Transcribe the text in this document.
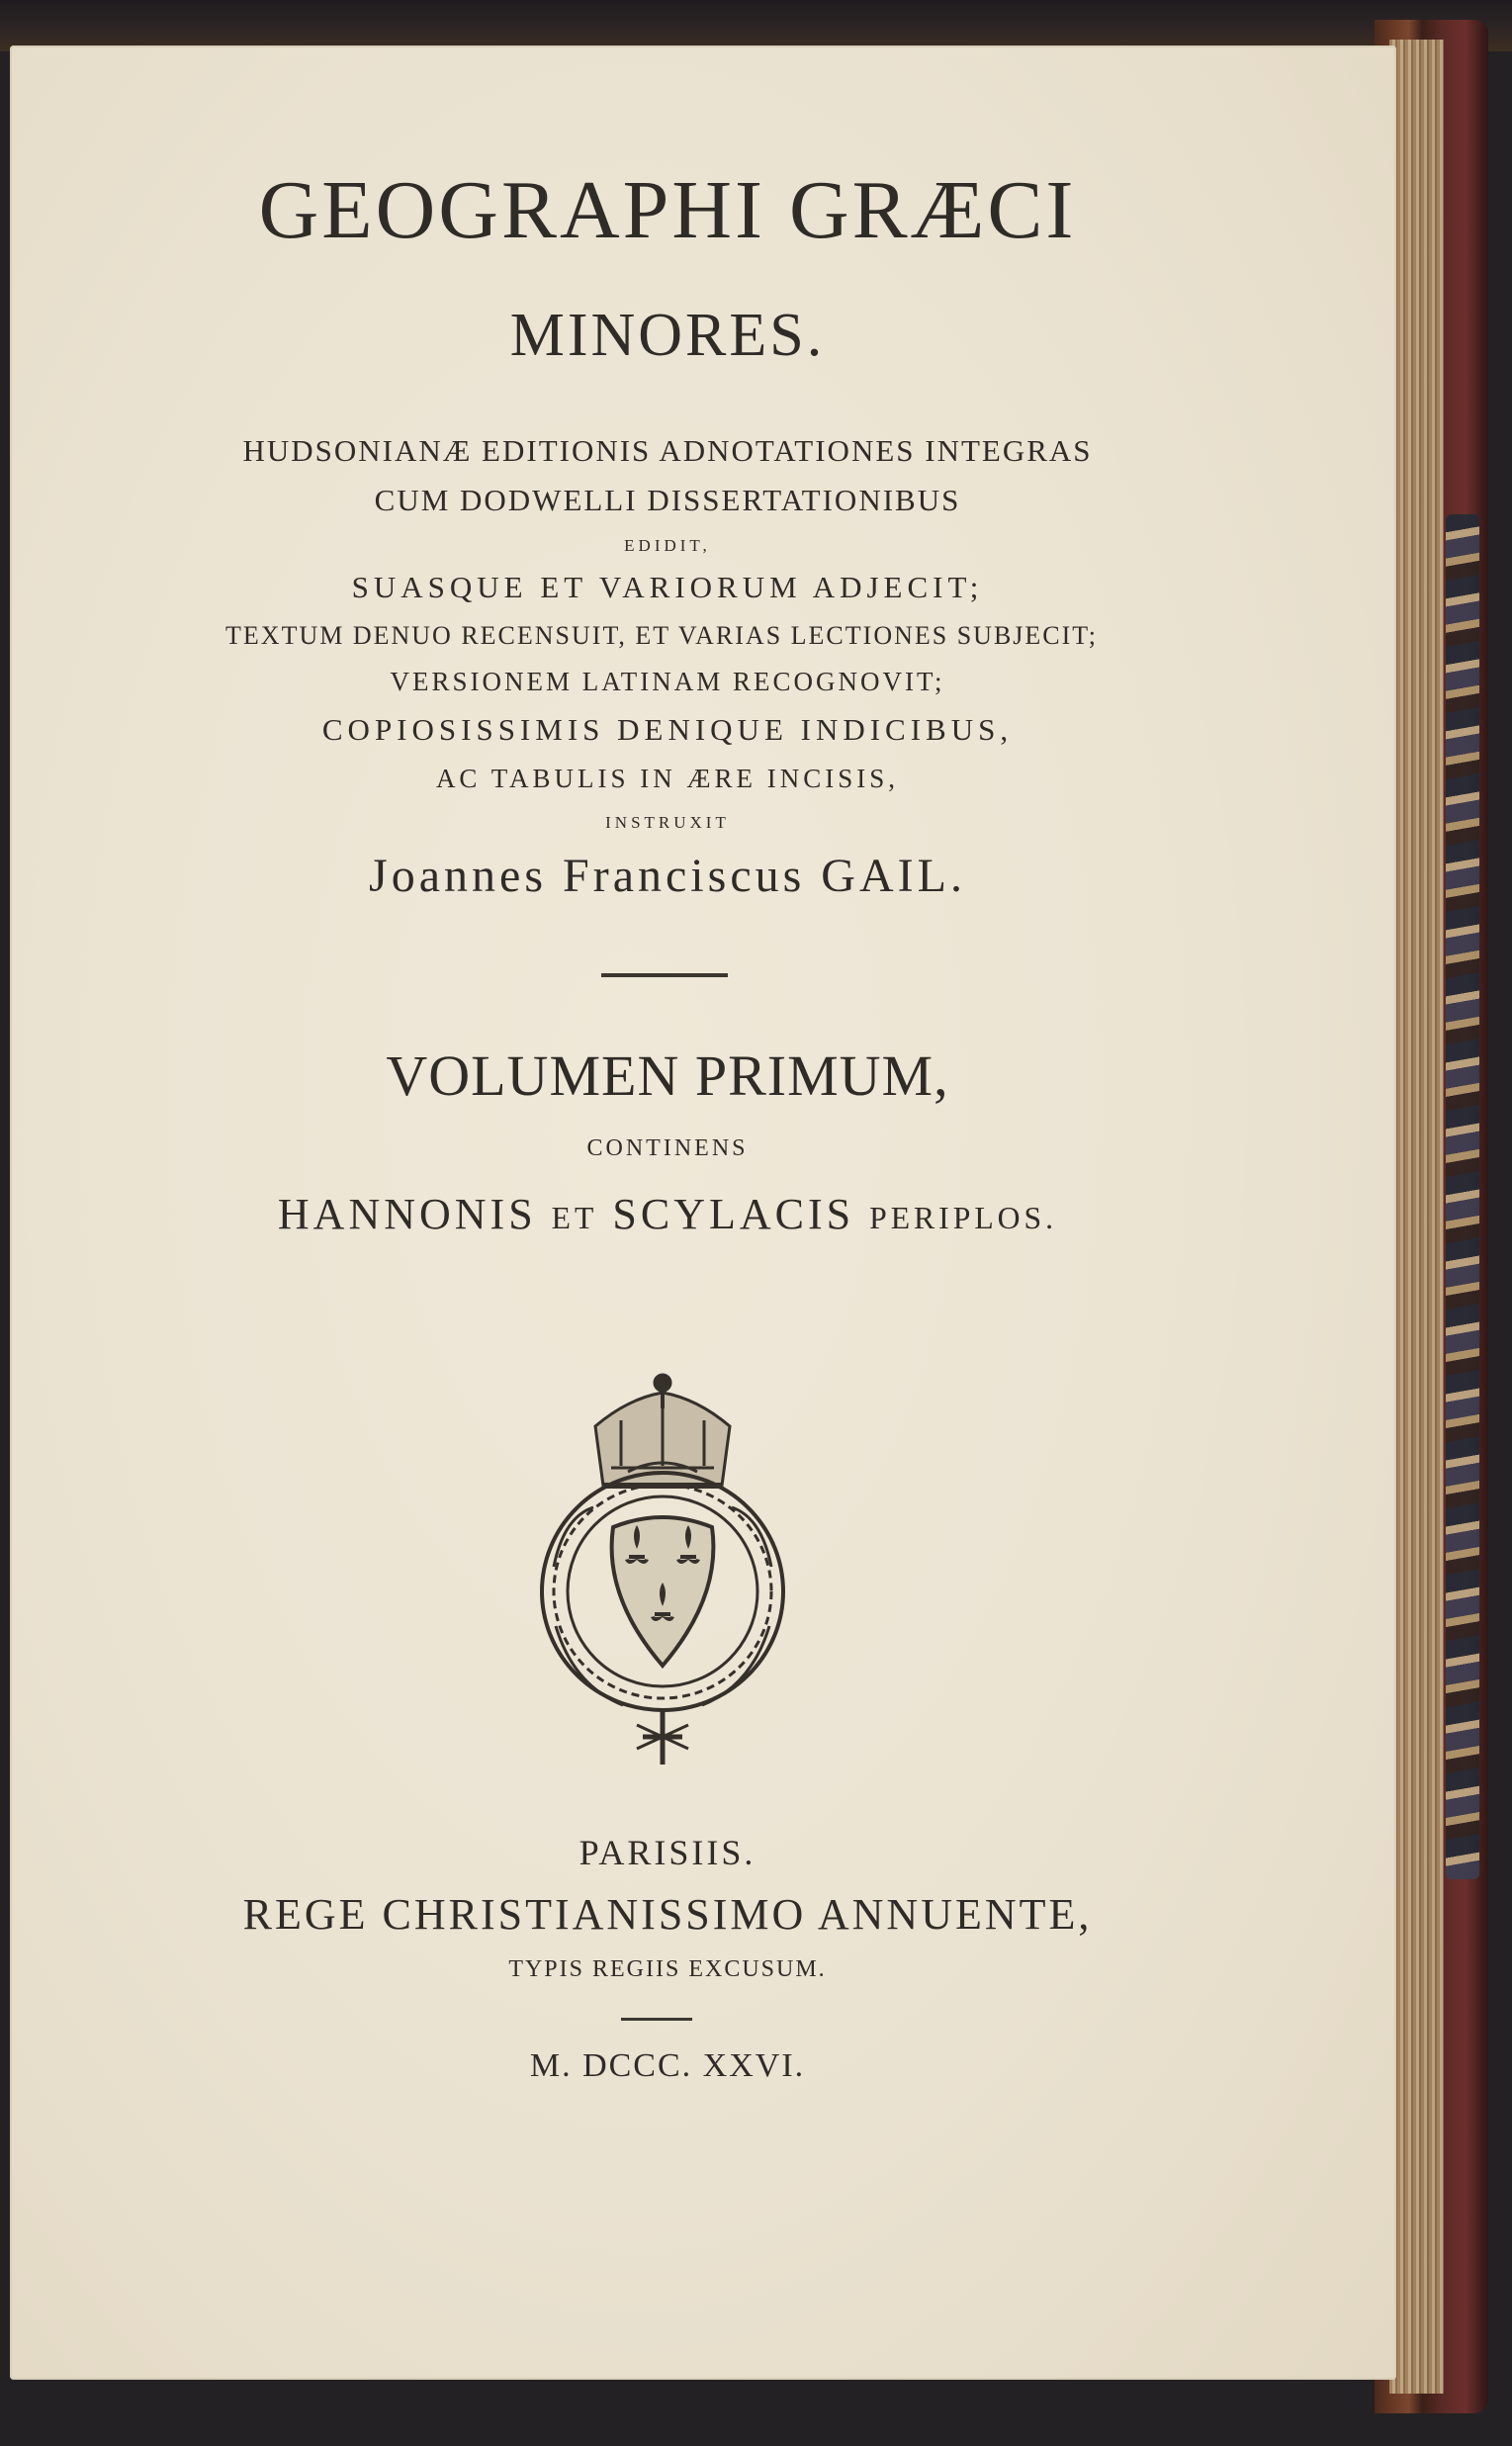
GEOGRAPHI GRÆCI
MINORES.
HUDSONIANÆ EDITIONIS ADNOTATIONES INTEGRAS
CUM DODWELLI DISSERTATIONIBUS
EDIDIT,
SUASQUE ET VARIORUM ADJECIT;
TEXTUM DENUO RECENSUIT, ET VARIAS LECTIONES SUBJECIT;
VERSIONEM LATINAM RECOGNOVIT;
COPIOSISSIMIS DENIQUE INDICIBUS,
AC TABULIS IN ÆRE INCISIS,
INSTRUXIT
Joannes Franciscus GAIL.
VOLUMEN PRIMUM,
CONTINENS
HANNONIS ET SCYLACIS PERIPLOS.
PARISIIS.
REGE CHRISTIANISSIMO ANNUENTE,
TYPIS REGIIS EXCUSUM.
M. DCCC. XXVI.
